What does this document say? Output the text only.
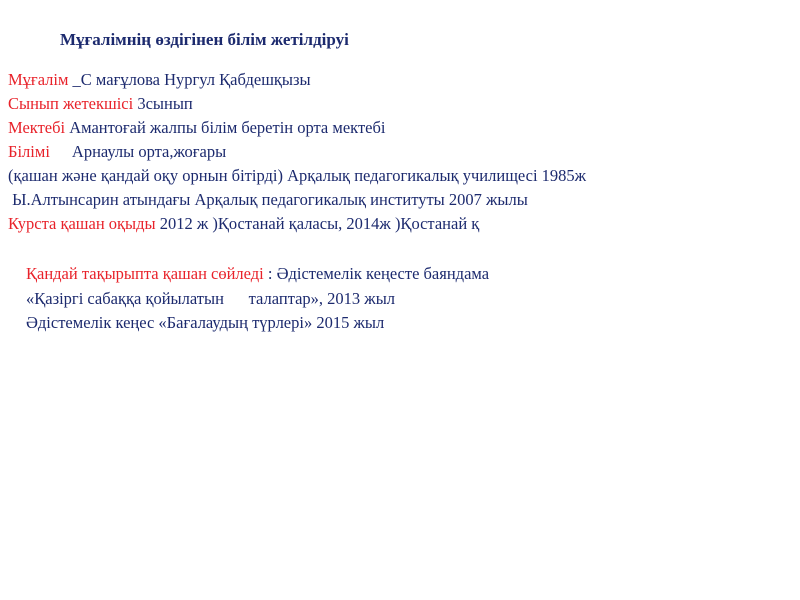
Мұғалімнің өздігінен білім жетілдіруі
Мұғалім _С мағұлова Нургул Қабдешқызы
Сынып жетекшісі 3сынып
Мектебі Амантоғай жалпы білім беретін орта мектебі
Білімі Арнаулы орта,жоғары
(қашан және қандай оқу орнын бітірді) Арқалық педагогикалық училищесі 1985ж
Ы.Алтынсарин атындағы Арқалық педагогикалық институты 2007 жылы
Курста қашан оқыды 2012 ж )Қостанай қаласы, 2014ж )Қостанай қ
Қандай тақырыпта қашан сөйледі : Әдістемелік кеңесте баяндама
«Қазіргі сабаққа қойылатын      талаптар», 2013 жыл
Әдістемелік кеңес «Бағалаудың түрлері» 2015 жыл
